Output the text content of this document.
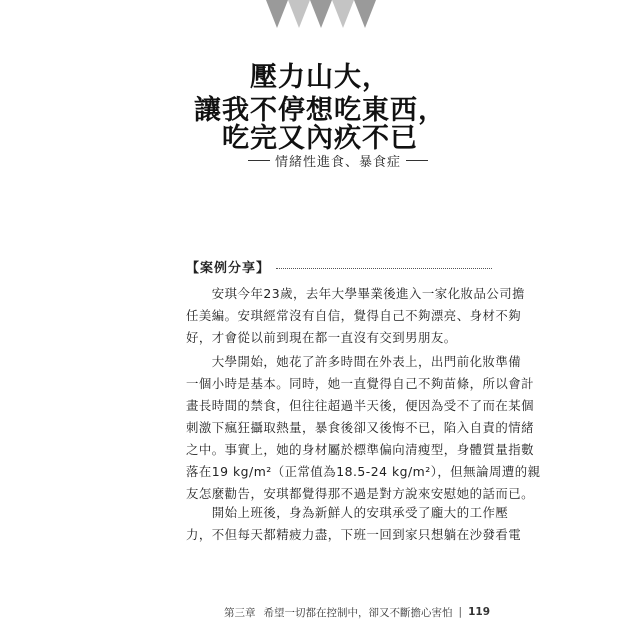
壓力山大，
讓我不停想吃東西，
吃完又內疚不已
情緒性進食、暴食症
【案例分享】
　　安琪今年23歲，去年大學畢業後進入一家化妝品公司擔
任美編。安琪經常沒有自信，覺得自己不夠漂亮、身材不夠
好，才會從以前到現在都一直沒有交到男朋友。
　　大學開始，她花了許多時間在外表上，出門前化妝準備
一個小時是基本。同時，她一直覺得自己不夠苗條，所以會計
畫長時間的禁食，但往往超過半天後，便因為受不了而在某個
刺激下瘋狂攝取熱量，暴食後卻又後悔不已，陷入自責的情緒
之中。事實上，她的身材屬於標準偏向清瘦型，身體質量指數
落在19 kg/m²（正常值為18.5-24 kg/m²），但無論周遭的親
友怎麼勸告，安琪都覺得那不過是對方說來安慰她的話而已。
　　開始上班後，身為新鮮人的安琪承受了龐大的工作壓
力，不但每天都精疲力盡，下班一回到家只想躺在沙發看電
第三章 希望一切都在控制中，卻又不斷擔心害怕 | 119
